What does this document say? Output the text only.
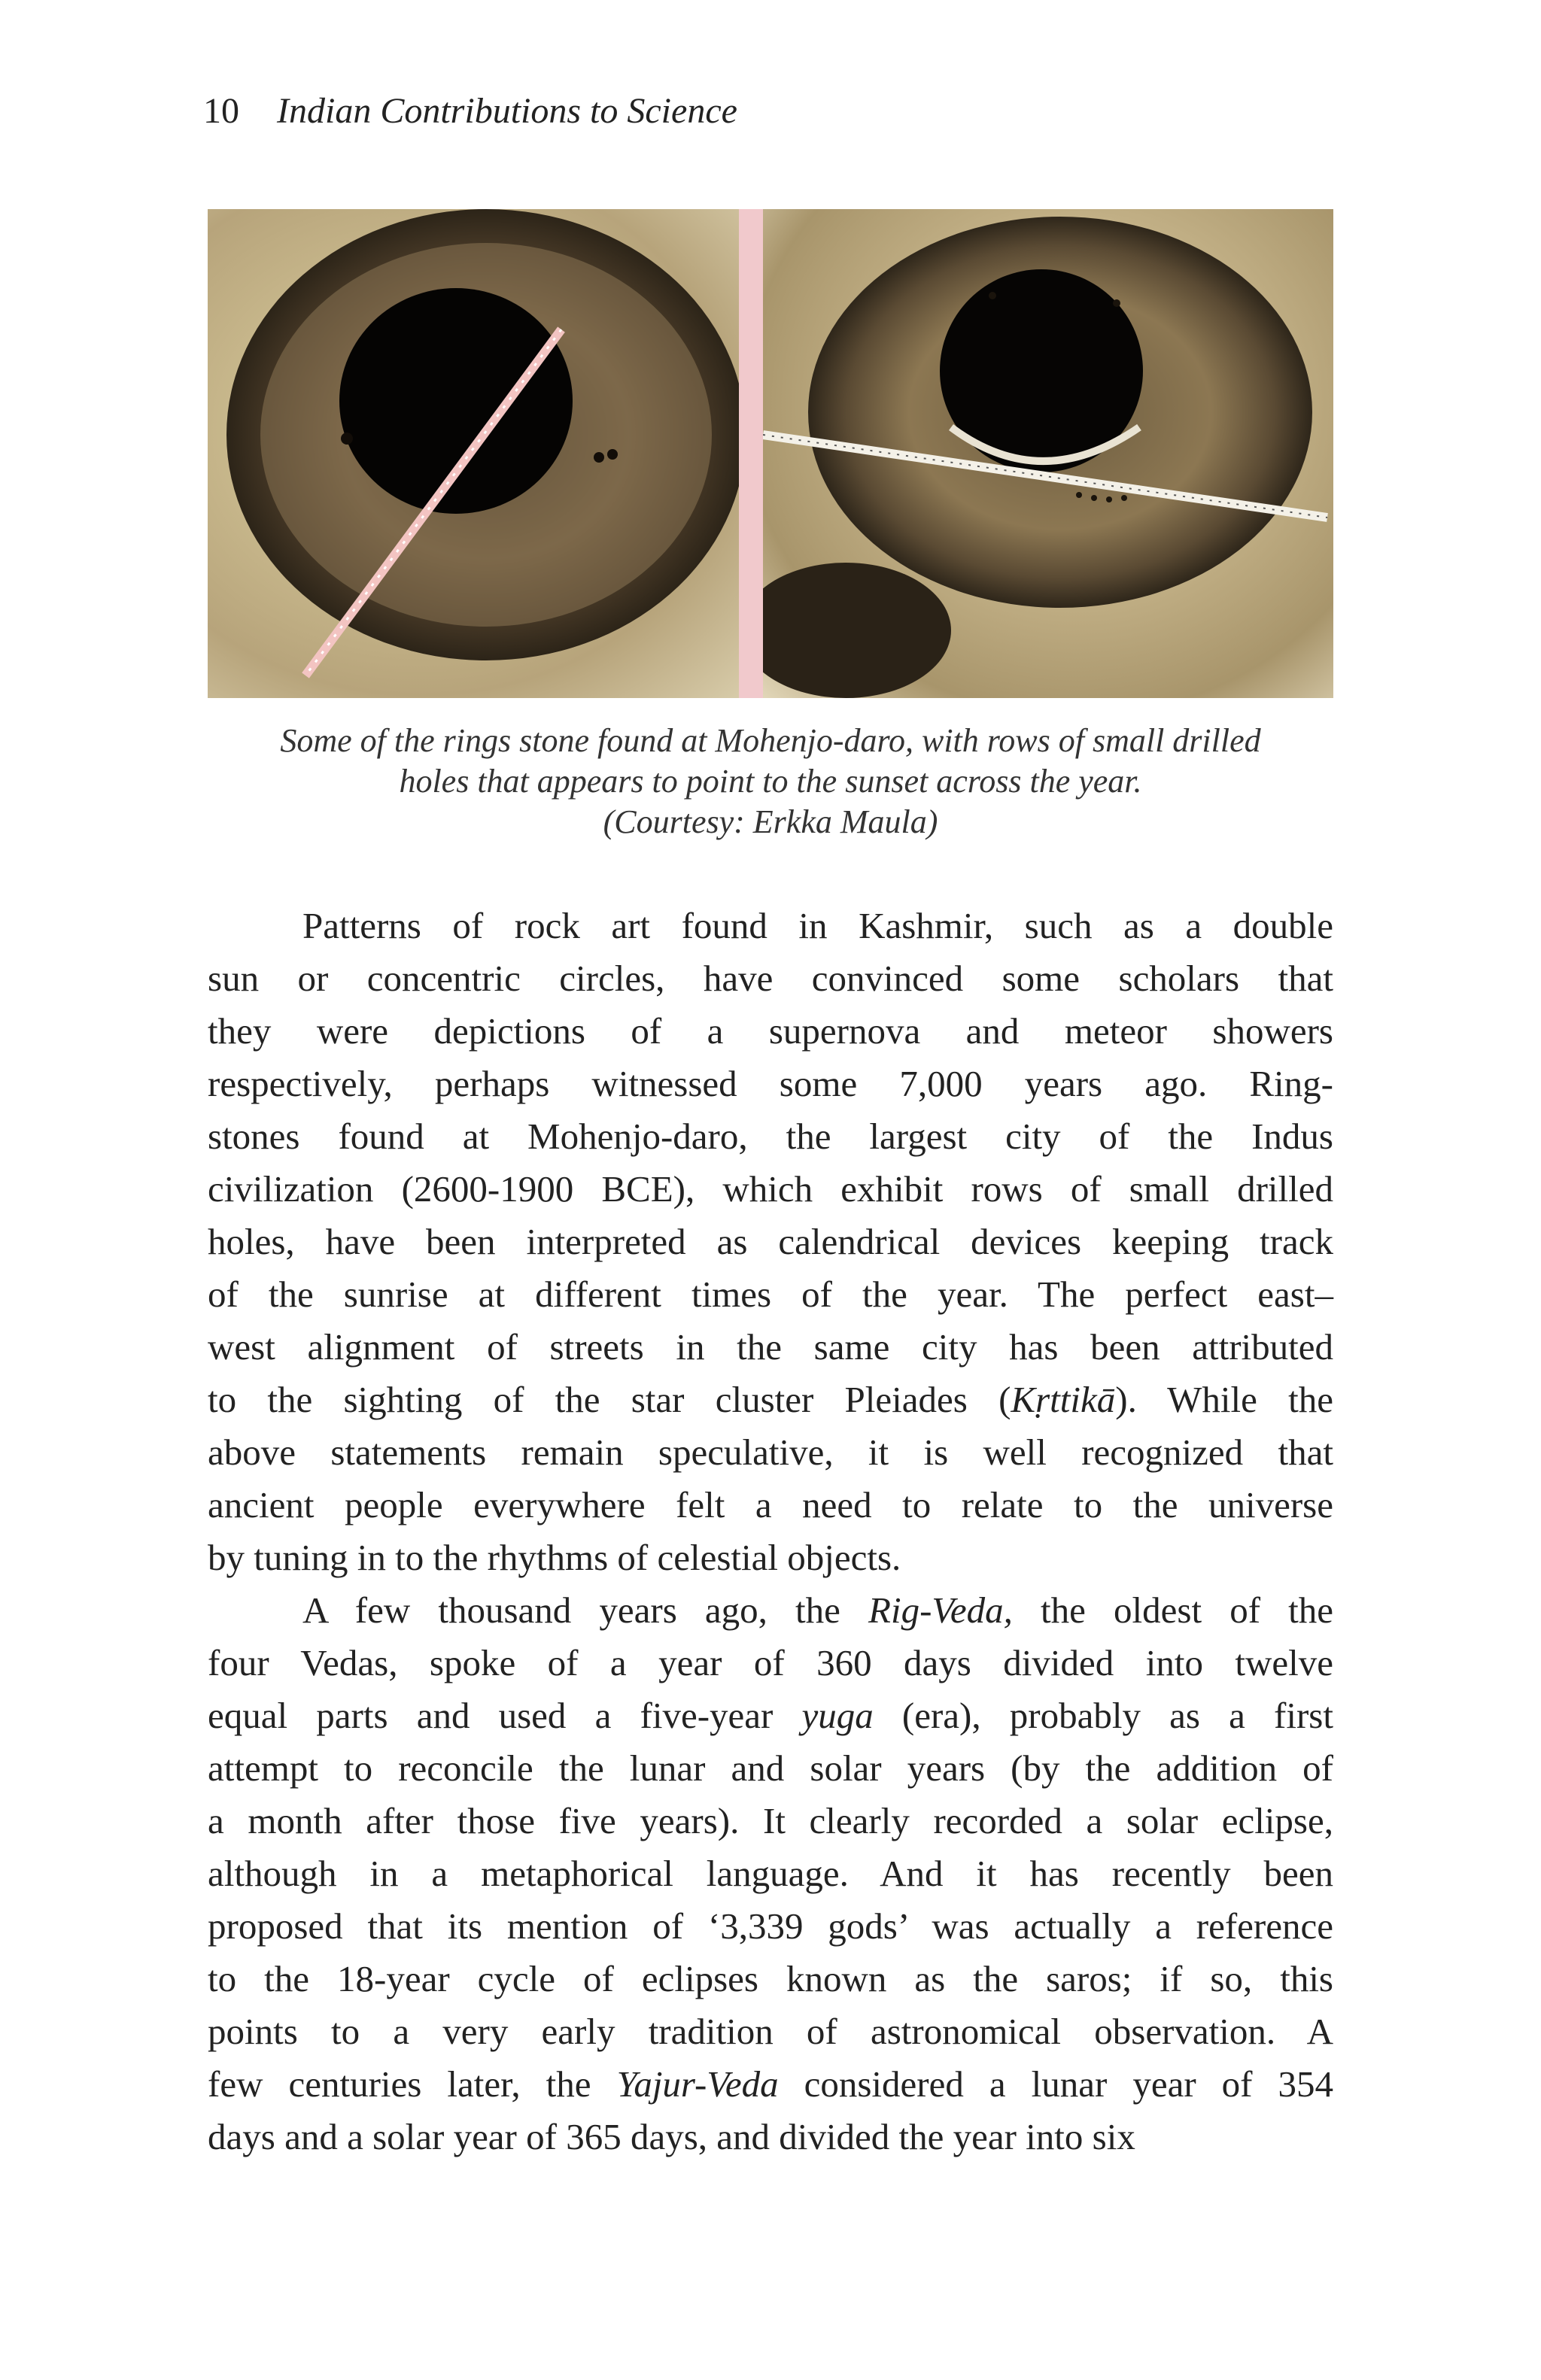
10 Indian Contributions to Science
Some of the rings stone found at Mohenjo-daro, with rows of small drilled
holes that appears to point to the sunset across the year.
(Courtesy: Erkka Maula)
Patterns of rock art found in Kashmir, such as a double
sun or concentric circles, have convinced some scholars that
they were depictions of a supernova and meteor showers
respectively, perhaps witnessed some 7,000 years ago. Ring-
stones found at Mohenjo-daro, the largest city of the Indus
civilization (2600-1900 BCE), which exhibit rows of small drilled
holes, have been interpreted as calendrical devices keeping track
of the sunrise at different times of the year. The perfect east–
west alignment of streets in the same city has been attributed
to the sighting of the star cluster Pleiades (Kṛttikā). While the
above statements remain speculative, it is well recognized that
ancient people everywhere felt a need to relate to the universe
by tuning in to the rhythms of celestial objects.
A few thousand years ago, the Rig-Veda, the oldest of the
four Vedas, spoke of a year of 360 days divided into twelve
equal parts and used a five-year yuga (era), probably as a first
attempt to reconcile the lunar and solar years (by the addition of
a month after those five years). It clearly recorded a solar eclipse,
although in a metaphorical language. And it has recently been
proposed that its mention of ‘3,339 gods’ was actually a reference
to the 18-year cycle of eclipses known as the saros; if so, this
points to a very early tradition of astronomical observation. A
few centuries later, the Yajur-Veda considered a lunar year of 354
days and a solar year of 365 days, and divided the year into six
